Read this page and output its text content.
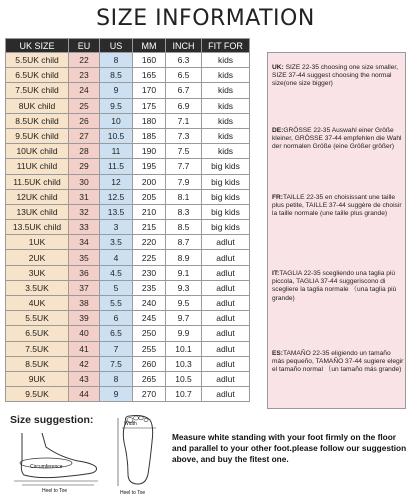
SIZE INFORMATION
UK SIZE	EU	US	MM	INCH	FIT FOR
5.5UK child	22	8	160	6.3	kids
6.5UK child	23	8.5	165	6.5	kids
7.5UK child	24	9	170	6.7	kids
8UK child	25	9.5	175	6.9	kids
8.5UK child	26	10	180	7.1	kids
9.5UK child	27	10.5	185	7.3	kids
10UK child	28	11	190	7.5	kids
11UK child	29	11.5	195	7.7	big kids
11.5UK child	30	12	200	7.9	big kids
12UK child	31	12.5	205	8.1	big kids
13UK child	32	13.5	210	8.3	big kids
13.5UK child	33	3	215	8.5	big kids
1UK	34	3.5	220	8.7	adlut
2UK	35	4	225	8.9	adlut
3UK	36	4.5	230	9.1	adlut
3.5UK	37	5	235	9.3	adlut
4UK	38	5.5	240	9.5	adlut
5.5UK	39	6	245	9.7	adlut
6.5UK	40	6.5	250	9.9	adlut
7.5UK	41	7	255	10.1	adlut
8.5UK	42	7.5	260	10.3	adlut
9UK	43	8	265	10.5	adlut
9.5UK	44	9	270	10.7	adlut
UK: SIZE 22-35 choosing one size smaller, SIZE 37-44 suggest choosing the normal size(one size bigger)
DE:GRÖSSE 22-35 Auswahl einer Größe kleiner, GRÖSSE 37-44 empfehlen die Wahl der normalen Größe (eine Größer größer)
FR:TAILLE 22-35 en choisissant une taille plus petite, TAILLE 37-44 suggère de choisir la taille normale (une taille plus grande)
IT:TAGLIA 22-35 scegliendo una taglia più piccola, TAGLIA 37-44 suggeriscono di scegliere la taglia normale （una taglia più grande)
ES:TAMAÑO 22-35 eligiendo un tamaño más pequeño, TAMAÑO 37-44 sugiere elegir el tamaño normal （un tamaño más grande)
Size suggestion:
Circumference
Heel to Toe
Width
Heel to Toe
Measure white standing with your foot firmly on the floor and parallel to your other foot.please follow our suggestion above, and buy the fitest one.
